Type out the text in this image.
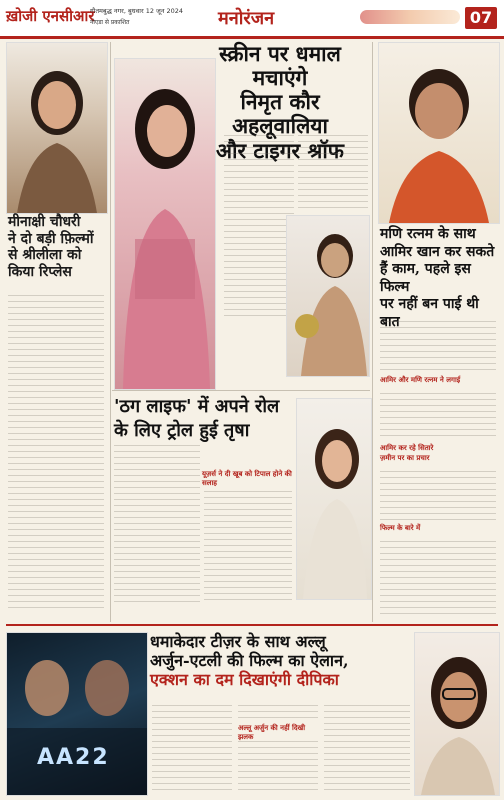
ख़ोजी एनसीआर
गौतमबुद्ध नगर, बुधवार 12 जून 2024
नोएडा से प्रकाशित	मनोरंजन	07
मीनाक्षी चौधरी
ने दो बड़ी फ़िल्मों
से श्रीलीला को
किया रिप्लेस
स्क्रीन पर धमाल मचाएंगे
निमृत कौर अहलूवालिया
और टाइगर श्रॉफ
'ठग लाइफ' में अपने रोल
के लिए ट्रोल हुई तृषा
यूज़र्स ने दी खूब को टिपाल होने की सलाह
मणि रत्नम के साथ
आमिर खान कर सकते
हैं काम, पहले इस फिल्म
पर नहीं बन पाई थी बात
आमिर और मणि रत्नम ने लगाई
आमिर कर रहे सितारे
ज़मीन पर का प्रचार
फिल्म के बारे में
AA22
धमाकेदार टीज़र के साथ अल्लू
अर्जुन-एटली की फिल्म का ऐलान,
एक्शन का दम दिखाएंगी दीपिका
अल्लू अर्जुन की नहीं दिखी झलक
